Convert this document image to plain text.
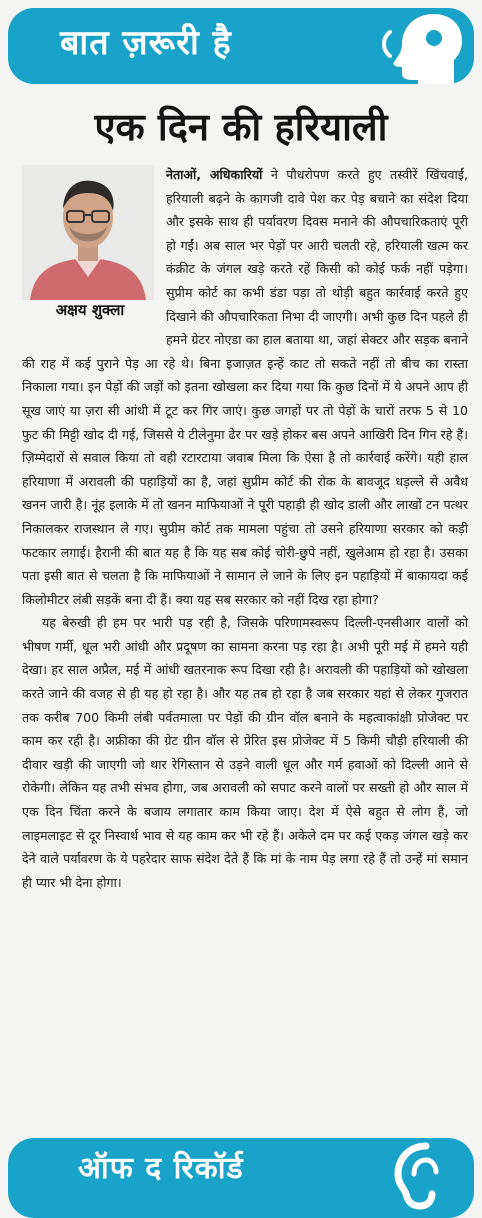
बात ज़रूरी है
एक दिन की हरियाली
अक्षय शुक्ला

नेताओं, अधिकारियों ने पौधरोपण करते हुए तस्वीरें खिंचवाईं, हरियाली बढ़ने के कागजी दावे पेश कर पेड़ बचाने का संदेश दिया और इसके साथ ही पर्यावरण दिवस मनाने की औपचारिकताएं पूरी हो गईं। अब साल भर पेड़ों पर आरी चलती रहे, हरियाली खत्म कर कंक्रीट के जंगल खड़े करते रहें किसी को कोई फर्क नहीं पड़ेगा। सुप्रीम कोर्ट का कभी डंडा पड़ा तो थोड़ी बहुत कार्रवाई करते हुए दिखाने की औपचारिकता निभा दी जाएगी। अभी कुछ दिन पहले ही हमने ग्रेटर नोएडा का हाल बताया था, जहां सेक्टर और सड़क बनाने की राह में कई पुराने पेड़ आ रहे थे। बिना इजाज़त इन्हें काट तो सकते नहीं तो बीच का रास्ता निकाला गया। इन पेड़ों की जड़ों को इतना खोखला कर दिया गया कि कुछ दिनों में ये अपने आप ही सूख जाएं या ज़रा सी आंधी में टूट कर गिर जाएं। कुछ जगहों पर तो पेड़ों के चारों तरफ 5 से 10 फुट की मिट्टी खोद दी गई, जिससे ये टीलेनुमा ढेर पर खड़े होकर बस अपने आखिरी दिन गिन रहे हैं। ज़िम्मेदारों से सवाल किया तो वही रटारटाया जवाब मिला कि ऐसा है तो कार्रवाई करेंगे। यही हाल हरियाणा में अरावली की पहाड़ियों का है, जहां सुप्रीम कोर्ट की रोक के बावजूद धड़ल्ले से अवैध खनन जारी है। नूंह इलाके में तो खनन माफियाओं ने पूरी पहाड़ी ही खोद डाली और लाखों टन पत्थर निकालकर राजस्थान ले गए। सुप्रीम कोर्ट तक मामला पहुंचा तो उसने हरियाणा सरकार को कड़ी फटकार लगाई। हैरानी की बात यह है कि यह सब कोई चोरी-छुपे नहीं, खुलेआम हो रहा है। उसका पता इसी बात से चलता है कि माफियाओं ने सामान ले जाने के लिए इन पहाड़ियों में बाकायदा कई किलोमीटर लंबी सड़कें बना दी हैं। क्या यह सब सरकार को नहीं दिख रहा होगा?

यह बेरुखी ही हम पर भारी पड़ रही है, जिसके परिणामस्वरूप दिल्ली-एनसीआर वालों को भीषण गर्मी, धूल भरी आंधी और प्रदूषण का सामना करना पड़ रहा है। अभी पूरी मई में हमने यही देखा। हर साल अप्रैल, मई में आंधी खतरनाक रूप दिखा रही है। अरावली की पहाड़ियों को खोखला करते जाने की वजह से ही यह हो रहा है। और यह तब हो रहा है जब सरकार यहां से लेकर गुजरात तक करीब 700 किमी लंबी पर्वतमाला पर पेड़ों की ग्रीन वॉल बनाने के महत्वाकांक्षी प्रोजेक्ट पर काम कर रही है। अफ्रीका की ग्रेट ग्रीन वॉल से प्रेरित इस प्रोजेक्ट में 5 किमी चौड़ी हरियाली की दीवार खड़ी की जाएगी जो थार रेगिस्तान से उड़ने वाली धूल और गर्म हवाओं को दिल्ली आने से रोकेगी। लेकिन यह तभी संभव होगा, जब अरावली को सपाट करने वालों पर सख्ती हो और साल में एक दिन चिंता करने के बजाय लगातार काम किया जाए। देश में ऐसे बहुत से लोग हैं, जो लाइमलाइट से दूर निस्वार्थ भाव से यह काम कर भी रहे हैं। अकेले दम पर कई एकड़ जंगल खड़े कर देने वाले पर्यावरण के ये पहरेदार साफ संदेश देते हैं कि मां के नाम पेड़ लगा रहे हैं तो उन्हें मां समान ही प्यार भी देना होगा।

ऑफ द रिकॉर्ड
